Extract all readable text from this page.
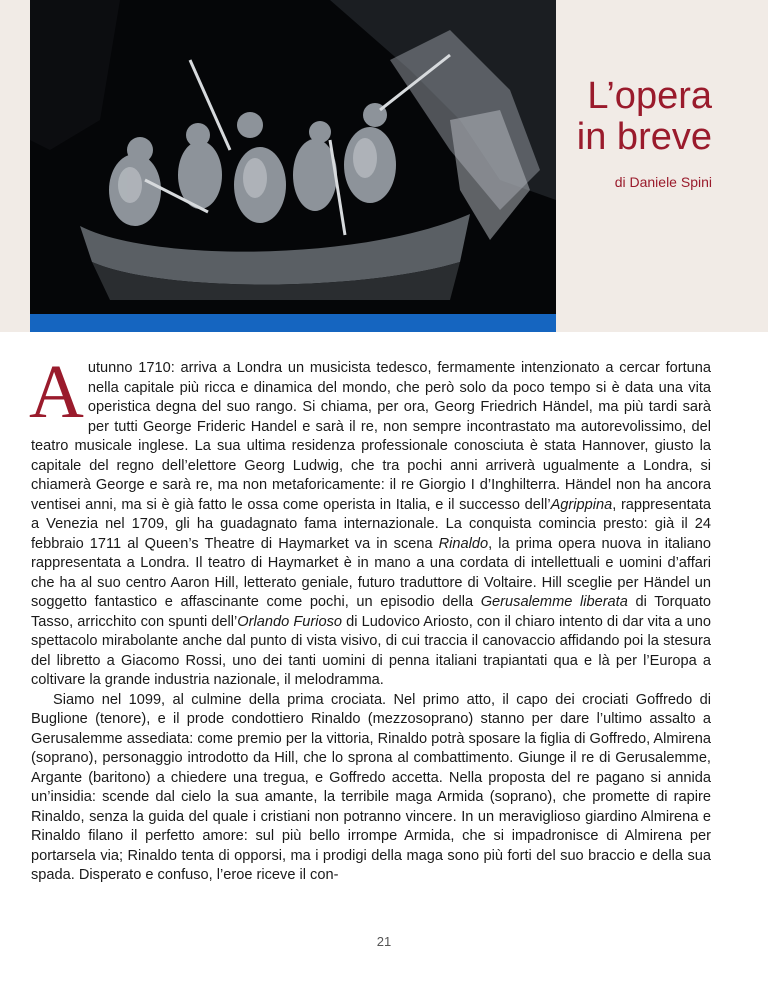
L’opera
in breve
di Daniele Spini

Autunno 1710: arriva a Londra un musicista tedesco, fermamente intenzionato a cercar fortuna nella capitale più ricca e dinamica del mondo, che però solo da poco tempo si è data una vita operistica degna del suo rango. Si chiama, per ora, Georg Friedrich Händel, ma più tardi sarà per tutti George Frideric Handel e sarà il re, non sempre incontrastato ma autorevolissimo, del teatro musicale inglese. La sua ultima residenza professionale conosciuta è stata Hannover, giusto la capitale del regno dell’elettore Georg Ludwig, che tra pochi anni arriverà ugualmente a Londra, si chiamerà George e sarà re, ma non metaforicamente: il re Giorgio I d’Inghilterra. Händel non ha ancora ventisei anni, ma si è già fatto le ossa come operista in Italia, e il successo dell’Agrippina, rappresentata a Venezia nel 1709, gli ha guadagnato fama internazionale. La conquista comincia presto: già il 24 febbraio 1711 al Queen’s Theatre di Haymarket va in scena Rinaldo, la prima opera nuova in italiano rappresentata a Londra. Il teatro di Haymarket è in mano a una cordata di intellettuali e uomini d’affari che ha al suo centro Aaron Hill, letterato geniale, futuro traduttore di Voltaire. Hill sceglie per Händel un soggetto fantastico e affascinante come pochi, un episodio della Gerusalemme liberata di Torquato Tasso, arricchito con spunti dell’Orlando Furioso di Ludovico Ariosto, con il chiaro intento di dar vita a uno spettacolo mirabolante anche dal punto di vista visivo, di cui traccia il canovaccio affidando poi la stesura del libretto a Giacomo Rossi, uno dei tanti uomini di penna italiani trapiantati qua e là per l’Europa a coltivare la grande industria nazionale, il melodramma.

Siamo nel 1099, al culmine della prima crociata. Nel primo atto, il capo dei crociati Goffredo di Buglione (tenore), e il prode condottiero Rinaldo (mezzosoprano) stanno per dare l’ultimo assalto a Gerusalemme assediata: come premio per la vittoria, Rinaldo potrà sposare la figlia di Goffredo, Almirena (soprano), personaggio introdotto da Hill, che lo sprona al combattimento. Giunge il re di Gerusalemme, Argante (baritono) a chiedere una tregua, e Goffredo accetta. Nella proposta del re pagano si annida un’insidia: scende dal cielo la sua amante, la terribile maga Armida (soprano), che promette di rapire Rinaldo, senza la guida del quale i cristiani non potranno vincere. In un meraviglioso giardino Almirena e Rinaldo filano il perfetto amore: sul più bello irrompe Armida, che si impadronisce di Almirena per portarsela via; Rinaldo tenta di opporsi, ma i prodigi della maga sono più forti del suo braccio e della sua spada. Disperato e confuso, l’eroe riceve il con-

21
